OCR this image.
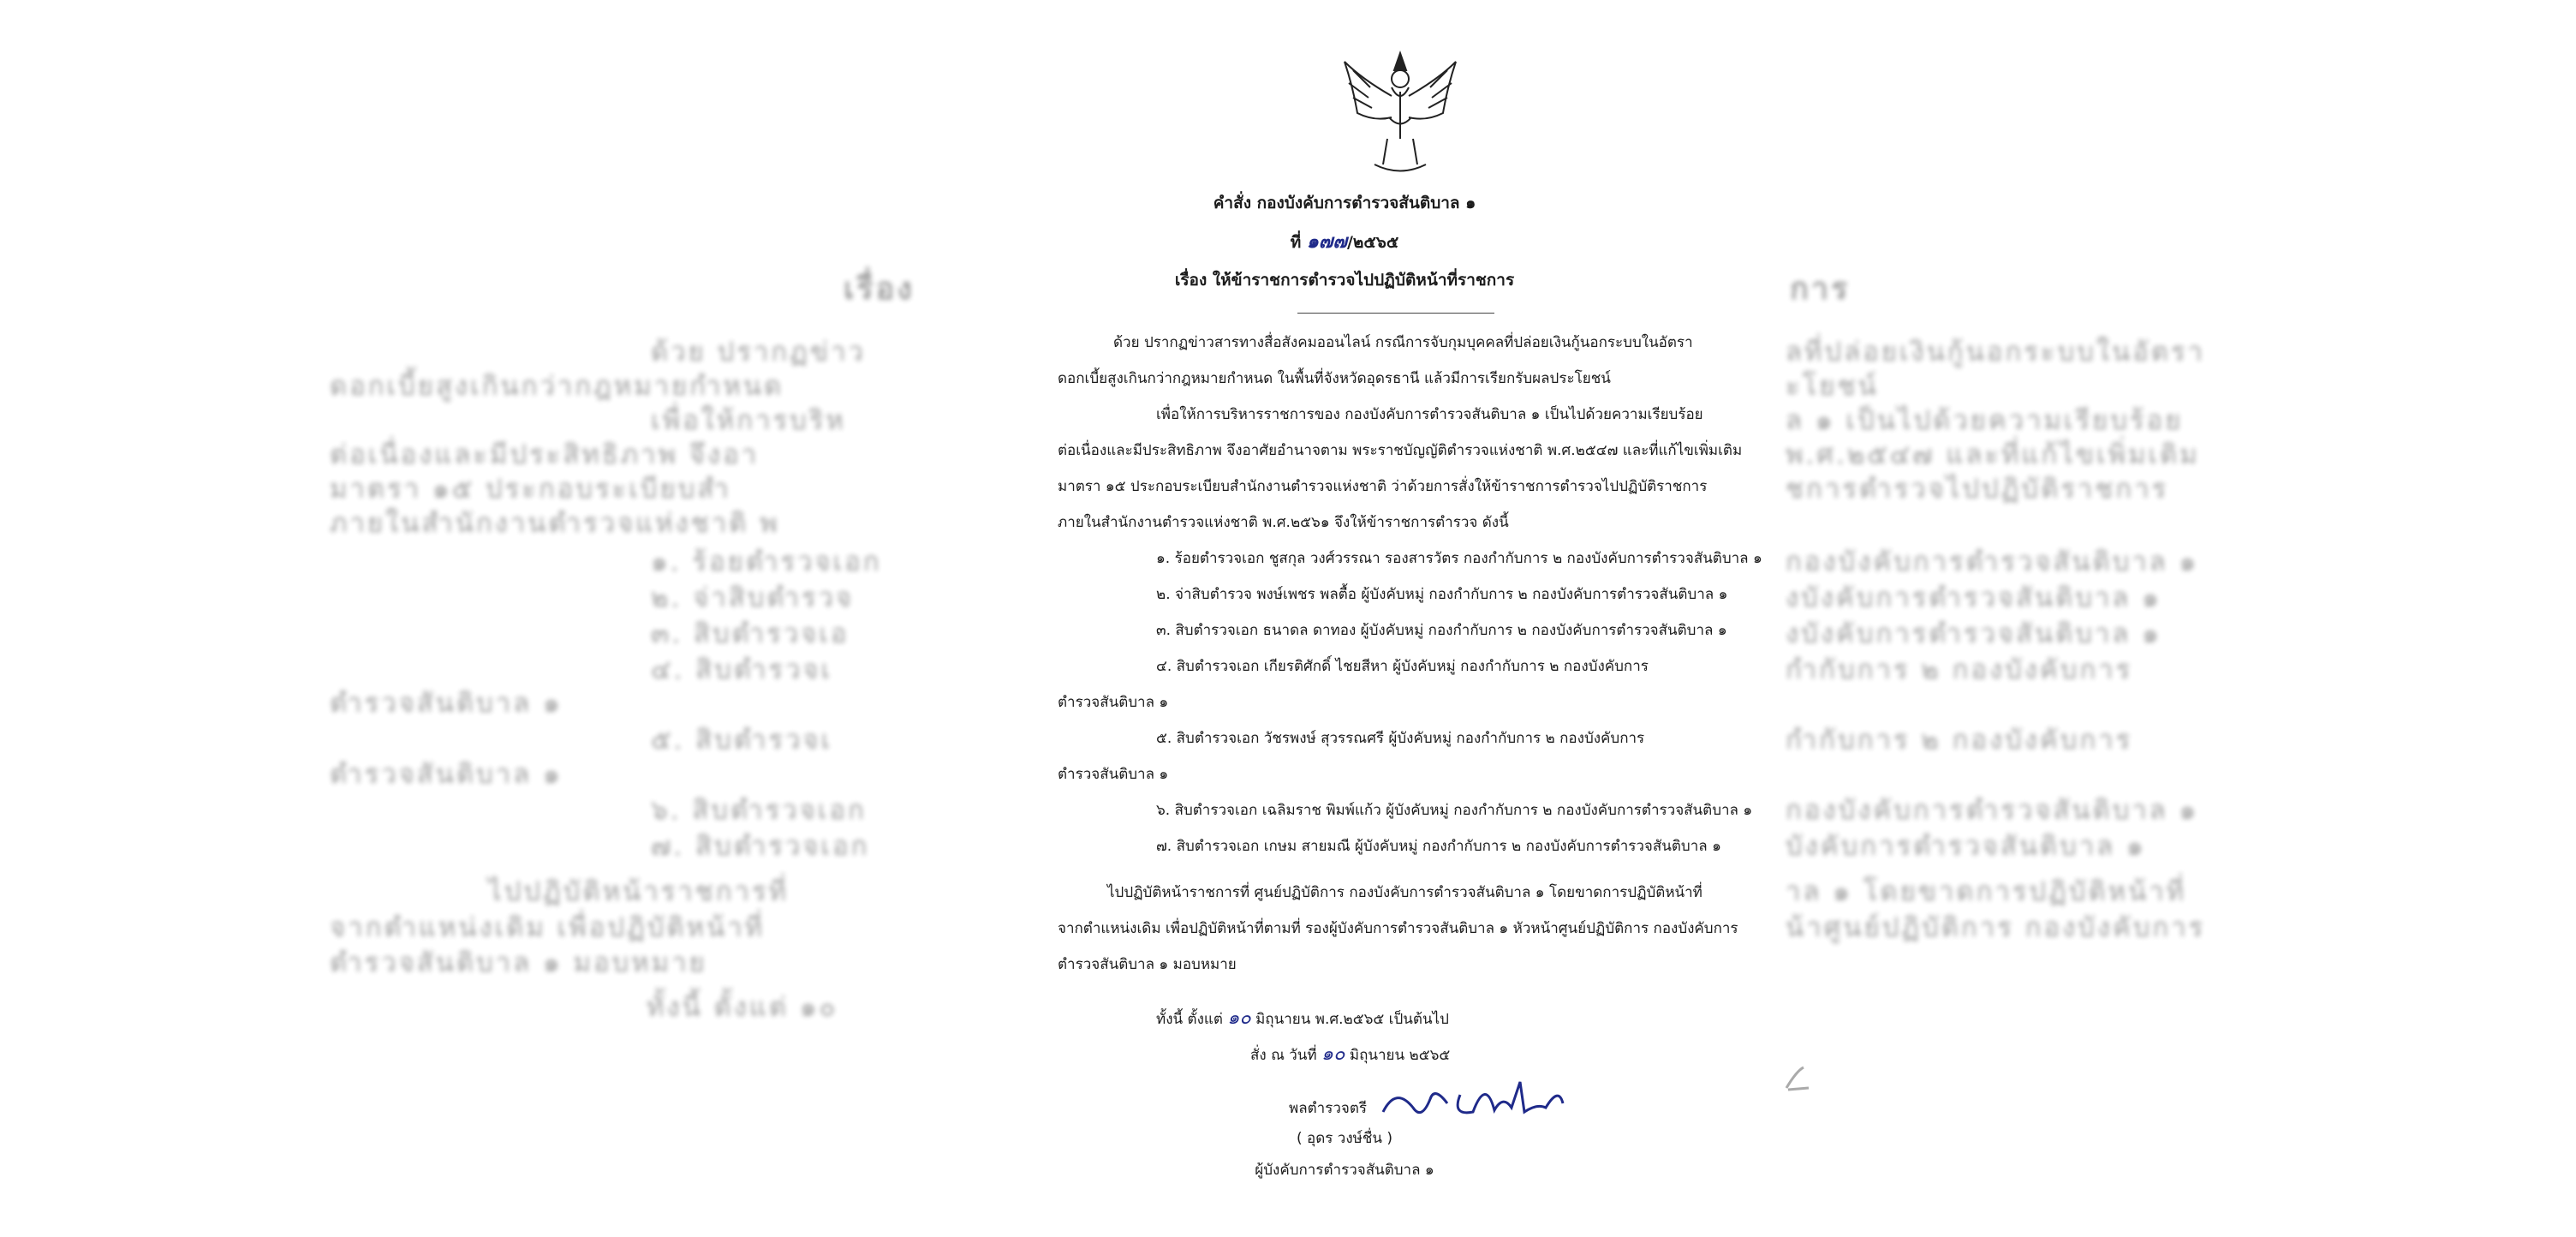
เรื่อง	การ
ด้วย ปรากฏข่าว
ดอกเบี้ยสูงเกินกว่ากฎหมายกำหนด
เพื่อให้การบริห
ต่อเนื่องและมีประสิทธิภาพ จึงอา
มาตรา ๑๕ ประกอบระเบียบสำ
ภายในสำนักงานตำรวจแห่งชาติ พ
๑. ร้อยตำรวจเอก
๒. จ่าสิบตำรวจ
๓. สิบตำรวจเอ
๔. สิบตำรวจเ
ตำรวจสันติบาล ๑
๕. สิบตำรวจเ
ตำรวจสันติบาล ๑
๖. สิบตำรวจเอก
๗. สิบตำรวจเอก
ไปปฏิบัติหน้าราชการที่
จากตำแหน่งเดิม เพื่อปฏิบัติหน้าที่
ตำรวจสันติบาล ๑ มอบหมาย
ทั้งนี้ ตั้งแต่ ๑๐
ลที่ปล่อยเงินกู้นอกระบบในอัตรา
ะโยชน์
ล ๑ เป็นไปด้วยความเรียบร้อย
พ.ศ.๒๕๔๗ และที่แก้ไขเพิ่มเติม
ชการตำรวจไปปฏิบัติราชการ
กองบังคับการตำรวจสันติบาล ๑
งบังคับการตำรวจสันติบาล ๑
งบังคับการตำรวจสันติบาล ๑
กำกับการ ๒ กองบังคับการ
กำกับการ ๒ กองบังคับการ
กองบังคับการตำรวจสันติบาล ๑
บังคับการตำรวจสันติบาล ๑
าล ๑ โดยขาดการปฏิบัติหน้าที่
น้าศูนย์ปฏิบัติการ กองบังคับการ
คำสั่ง กองบังคับการตำรวจสันติบาล ๑
ที่ ๑๗๗/๒๕๖๕
เรื่อง ให้ข้าราชการตำรวจไปปฏิบัติหน้าที่ราชการ
ด้วย ปรากฏข่าวสารทางสื่อสังคมออนไลน์ กรณีการจับกุมบุคคลที่ปล่อยเงินกู้นอกระบบในอัตรา
ดอกเบี้ยสูงเกินกว่ากฎหมายกำหนด ในพื้นที่จังหวัดอุดรธานี แล้วมีการเรียกรับผลประโยชน์
เพื่อให้การบริหารราชการของ กองบังคับการตำรวจสันติบาล ๑ เป็นไปด้วยความเรียบร้อย
ต่อเนื่องและมีประสิทธิภาพ จึงอาศัยอำนาจตาม พระราชบัญญัติตำรวจแห่งชาติ พ.ศ.๒๕๔๗ และที่แก้ไขเพิ่มเติม
มาตรา ๑๕ ประกอบระเบียบสำนักงานตำรวจแห่งชาติ ว่าด้วยการสั่งให้ข้าราชการตำรวจไปปฏิบัติราชการ
ภายในสำนักงานตำรวจแห่งชาติ พ.ศ.๒๕๖๑ จึงให้ข้าราชการตำรวจ ดังนี้
๑. ร้อยตำรวจเอก ชูสกุล วงศ์วรรณา รองสารวัตร กองกำกับการ ๒ กองบังคับการตำรวจสันติบาล ๑
๒. จ่าสิบตำรวจ พงษ์เพชร พลตื้อ ผู้บังคับหมู่ กองกำกับการ ๒ กองบังคับการตำรวจสันติบาล ๑
๓. สิบตำรวจเอก ธนาดล ดาทอง ผู้บังคับหมู่ กองกำกับการ ๒ กองบังคับการตำรวจสันติบาล ๑
๔. สิบตำรวจเอก เกียรติศักดิ์ ไชยสีหา ผู้บังคับหมู่ กองกำกับการ ๒ กองบังคับการ
ตำรวจสันติบาล ๑
๕. สิบตำรวจเอก วัชรพงษ์ สุวรรณศรี ผู้บังคับหมู่ กองกำกับการ ๒ กองบังคับการ
ตำรวจสันติบาล ๑
๖. สิบตำรวจเอก เฉลิมราช พิมพ์แก้ว ผู้บังคับหมู่ กองกำกับการ ๒ กองบังคับการตำรวจสันติบาล ๑
๗. สิบตำรวจเอก เกษม สายมณี ผู้บังคับหมู่ กองกำกับการ ๒ กองบังคับการตำรวจสันติบาล ๑
ไปปฏิบัติหน้าราชการที่ ศูนย์ปฏิบัติการ กองบังคับการตำรวจสันติบาล ๑ โดยขาดการปฏิบัติหน้าที่
จากตำแหน่งเดิม เพื่อปฏิบัติหน้าที่ตามที่ รองผู้บังคับการตำรวจสันติบาล ๑ หัวหน้าศูนย์ปฏิบัติการ กองบังคับการ
ตำรวจสันติบาล ๑ มอบหมาย
ทั้งนี้ ตั้งแต่ ๑๐ มิถุนายน พ.ศ.๒๕๖๕ เป็นต้นไป
สั่ง ณ วันที่ ๑๐ มิถุนายน ๒๕๖๕
พลตำรวจตรี
( อุดร วงษ์ชื่น )
ผู้บังคับการตำรวจสันติบาล ๑
